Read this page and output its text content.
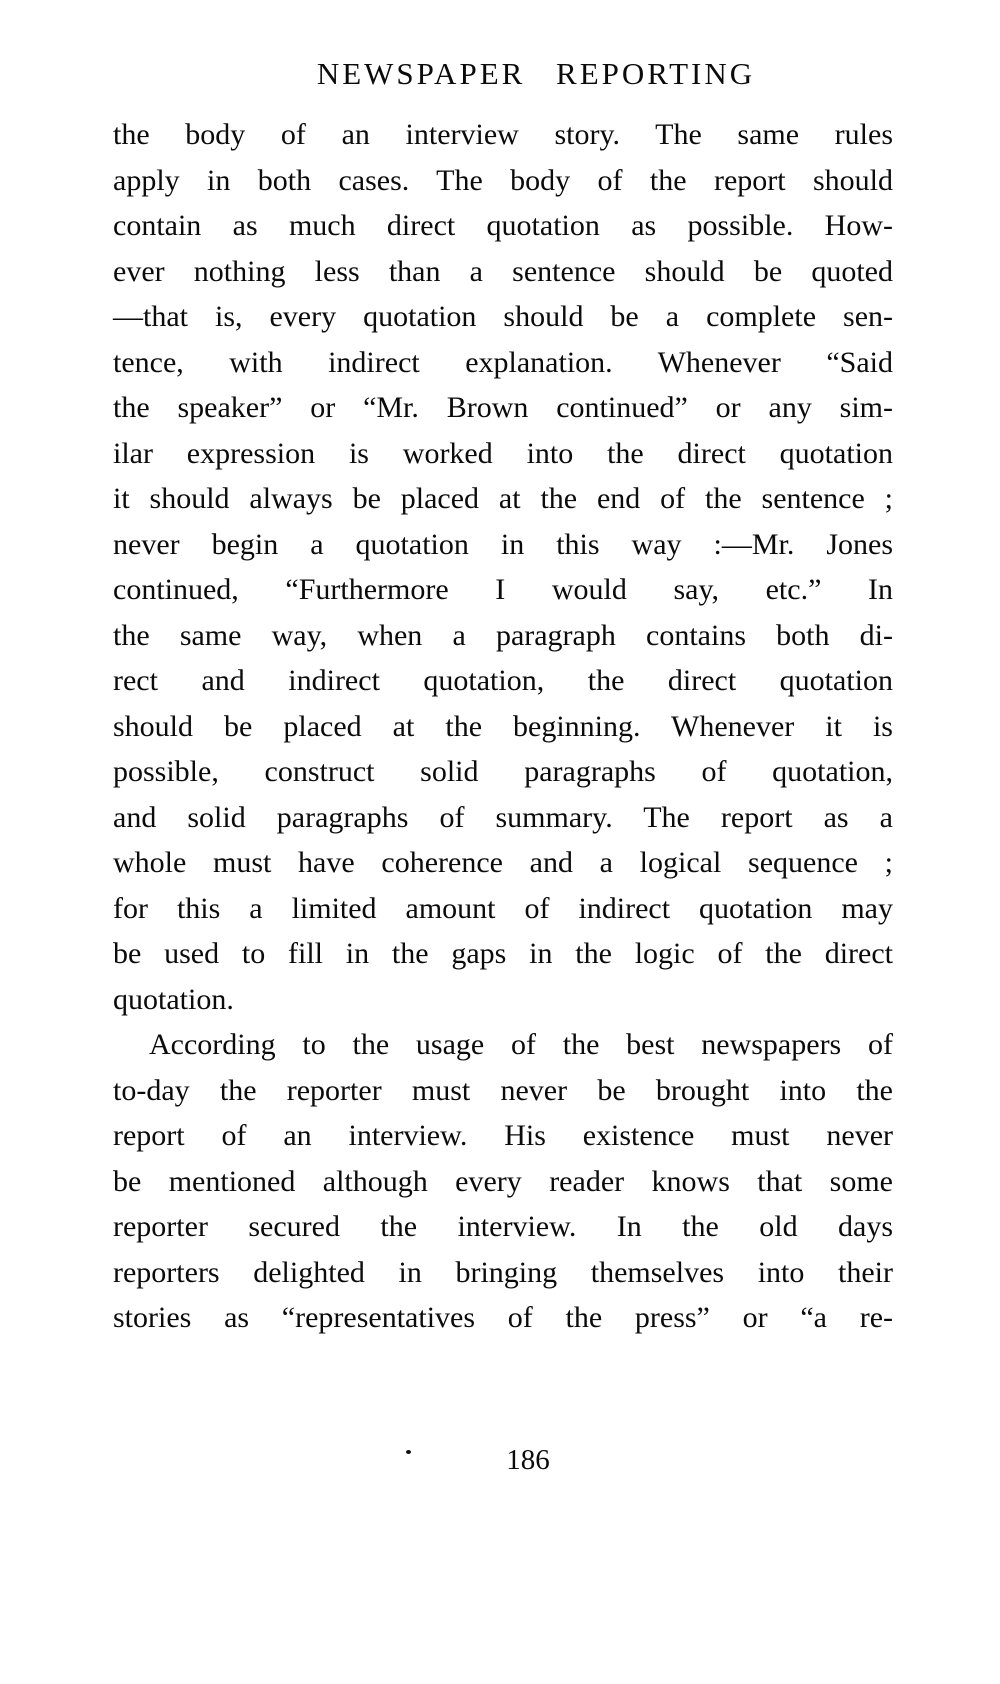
NEWSPAPER REPORTING
the body of an interview story. The same rules
apply in both cases. The body of the report should
contain as much direct quotation as possible. How-
ever nothing less than a sentence should be quoted
—that is, every quotation should be a complete sen-
tence, with indirect explanation. Whenever “Said
the speaker” or “Mr. Brown continued” or any sim-
ilar expression is worked into the direct quotation
it should always be placed at the end of the sentence ;
never begin a quotation in this way :—Mr. Jones
continued, “Furthermore I would say, etc.” In
the same way, when a paragraph contains both di-
rect and indirect quotation, the direct quotation
should be placed at the beginning. Whenever it is
possible, construct solid paragraphs of quotation,
and solid paragraphs of summary. The report as a
whole must have coherence and a logical sequence ;
for this a limited amount of indirect quotation may
be used to fill in the gaps in the logic of the direct
quotation.
According to the usage of the best newspapers of
to-day the reporter must never be brought into the
report of an interview. His existence must never
be mentioned although every reader knows that some
reporter secured the interview. In the old days
reporters delighted in bringing themselves into their
stories as “representatives of the press” or “a re-
186
